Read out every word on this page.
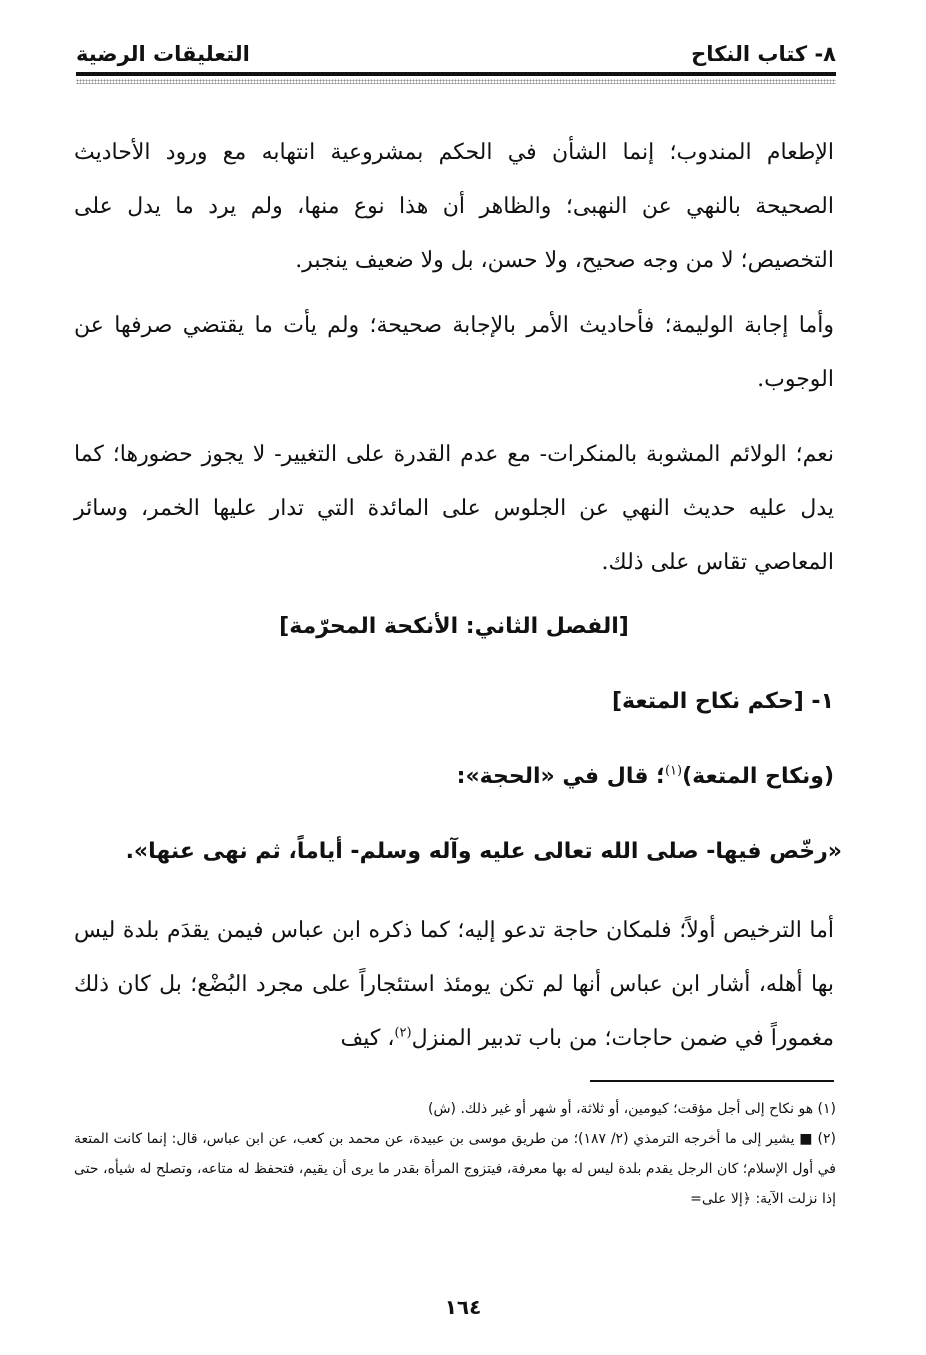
٨- كتاب النكاح
التعليقات الرضية
الإطعام المندوب؛ إنما الشأن في الحكم بمشروعية انتهابه مع ورود الأحاديث الصحيحة بالنهي عن النهبى؛ والظاهر أن هذا نوع منها، ولم يرد ما يدل على التخصيص؛ لا من وجه صحيح، ولا حسن، بل ولا ضعيف ينجبر.
وأما إجابة الوليمة؛ فأحاديث الأمر بالإجابة صحيحة؛ ولم يأت ما يقتضي صرفها عن الوجوب.
نعم؛ الولائم المشوبة بالمنكرات- مع عدم القدرة على التغيير- لا يجوز حضورها؛ كما يدل عليه حديث النهي عن الجلوس على المائدة التي تدار عليها الخمر، وسائر المعاصي تقاس على ذلك.
[الفصل الثاني: الأنكحة المحرّمة]
١- [حكم نكاح المتعة]
(ونكاح المتعة)$^{(١)}$؛ قال في «الحجة»:
«رخّص فيها- صلى الله تعالى عليه وآله وسلم- أياماً، ثم نهى عنها».
أما الترخيص أولاً؛ فلمكان حاجة تدعو إليه؛ كما ذكره ابن عباس فيمن يقدَم بلدة ليس بها أهله، أشار ابن عباس أنها لم تكن يومئذ استئجاراً على مجرد البُضْع؛ بل كان ذلك مغموراً في ضمن حاجات؛ من باب تدبير المنزل$^{(٢)}$، كيف
(١) هو نكاح إلى أجل مؤقت؛ كيومين، أو ثلاثة، أو شهر أو غير ذلك. (ش)
(٢) ■ يشير إلى ما أخرجه الترمذي (٢/ ١٨٧)؛ من طريق موسى بن عبيدة، عن محمد بن كعب، عن ابن عباس، قال: إنما كانت المتعة في أول الإسلام؛ كان الرجل يقدم بلدة ليس له بها معرفة، فيتزوج المرأة بقدر ما يرى أن يقيم، فتحفظ له متاعه، وتصلح له شيأه، حتى إذا نزلت الآية: ﴿إلا على=
١٦٤
